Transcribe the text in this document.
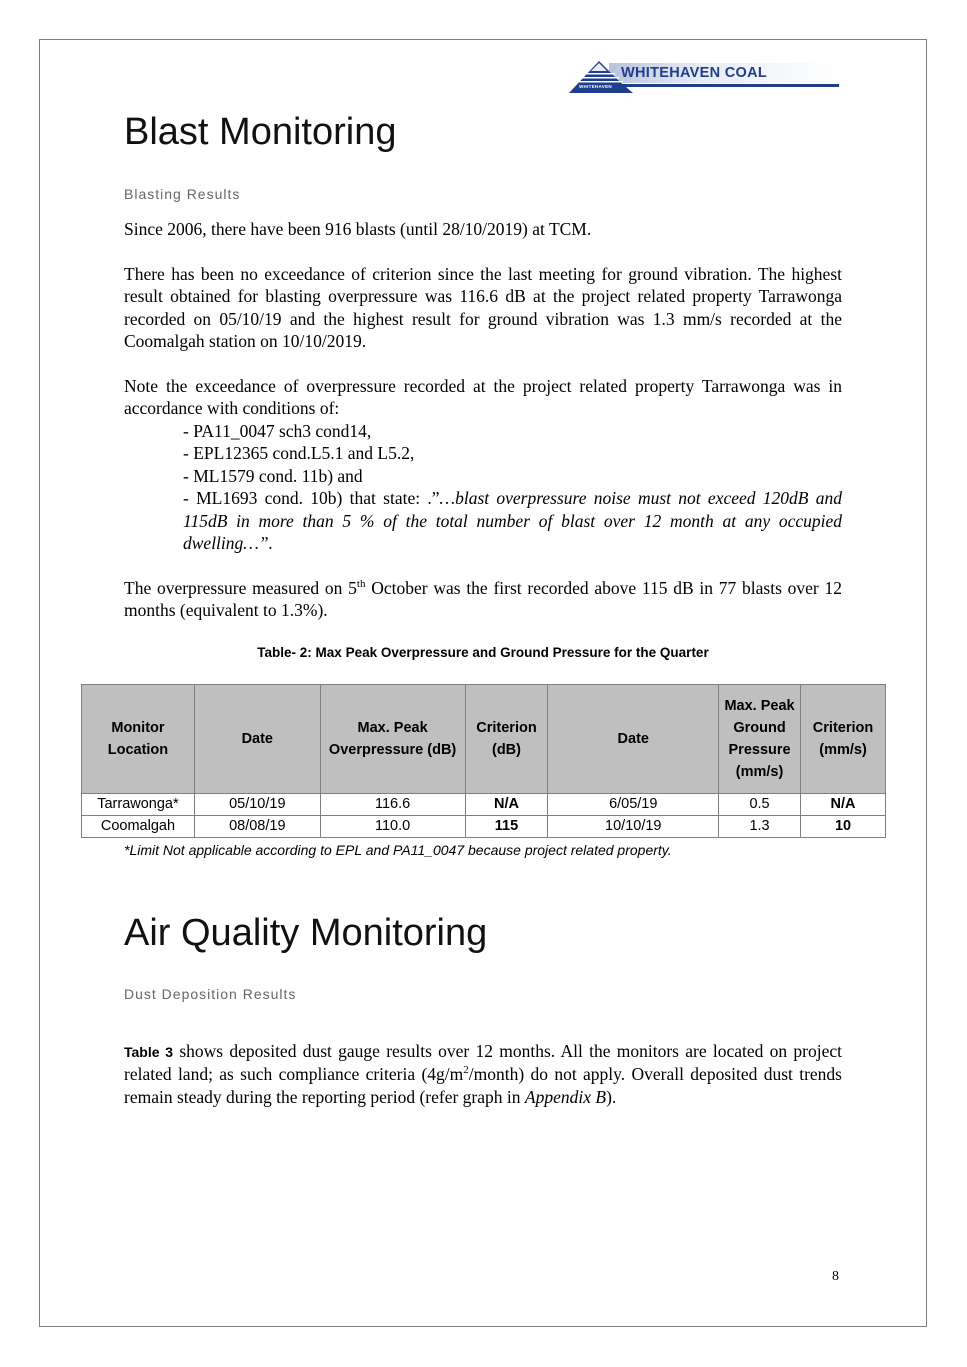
WHITEHAVEN
WHITEHAVEN COAL
Blast Monitoring

Blasting Results

Since 2006, there have been 916 blasts (until 28/10/2019) at TCM.

There has been no exceedance of criterion since the last meeting for ground vibration. The highest result obtained for blasting overpressure was 116.6 dB at the project related property Tarrawonga recorded on 05/10/19 and the highest result for ground vibration was 1.3 mm/s recorded at the Coomalgah station on 10/10/2019.

Note the exceedance of overpressure recorded at the project related property Tarrawonga was in accordance with conditions of:

- PA11_0047 sch3 cond14,
- EPL12365 cond.L5.1 and L5.2,
- ML1579 cond. 11b) and
- ML1693 cond. 10b) that state: .”…blast overpressure noise must not exceed 120dB and 115dB in more than 5 % of the total number of blast over 12 month at any occupied dwelling…”.

The overpressure measured on 5th October was the first recorded above 115 dB in 77 blasts over 12 months (equivalent to 1.3%).

Table- 2: Max Peak Overpressure and Ground Pressure for the Quarter
Monitor Location	Date	Max. Peak Overpressure (dB)	Criterion (dB)	Date	Max. Peak Ground Pressure (mm/s)	Criterion (mm/s)
Tarrawonga*	05/10/19	116.6	N/A	6/05/19	0.5	N/A
Coomalgah	08/08/19	110.0	115	10/10/19	1.3	10
*Limit Not applicable according to EPL and PA11_0047 because project related property.
Air Quality Monitoring

Dust Deposition Results

Table 3 shows deposited dust gauge results over 12 months. All the monitors are located on project related land; as such compliance criteria $(4g/m^2/month)$ do not apply. Overall deposited dust trends remain steady during the reporting period (refer graph in Appendix B).

8
